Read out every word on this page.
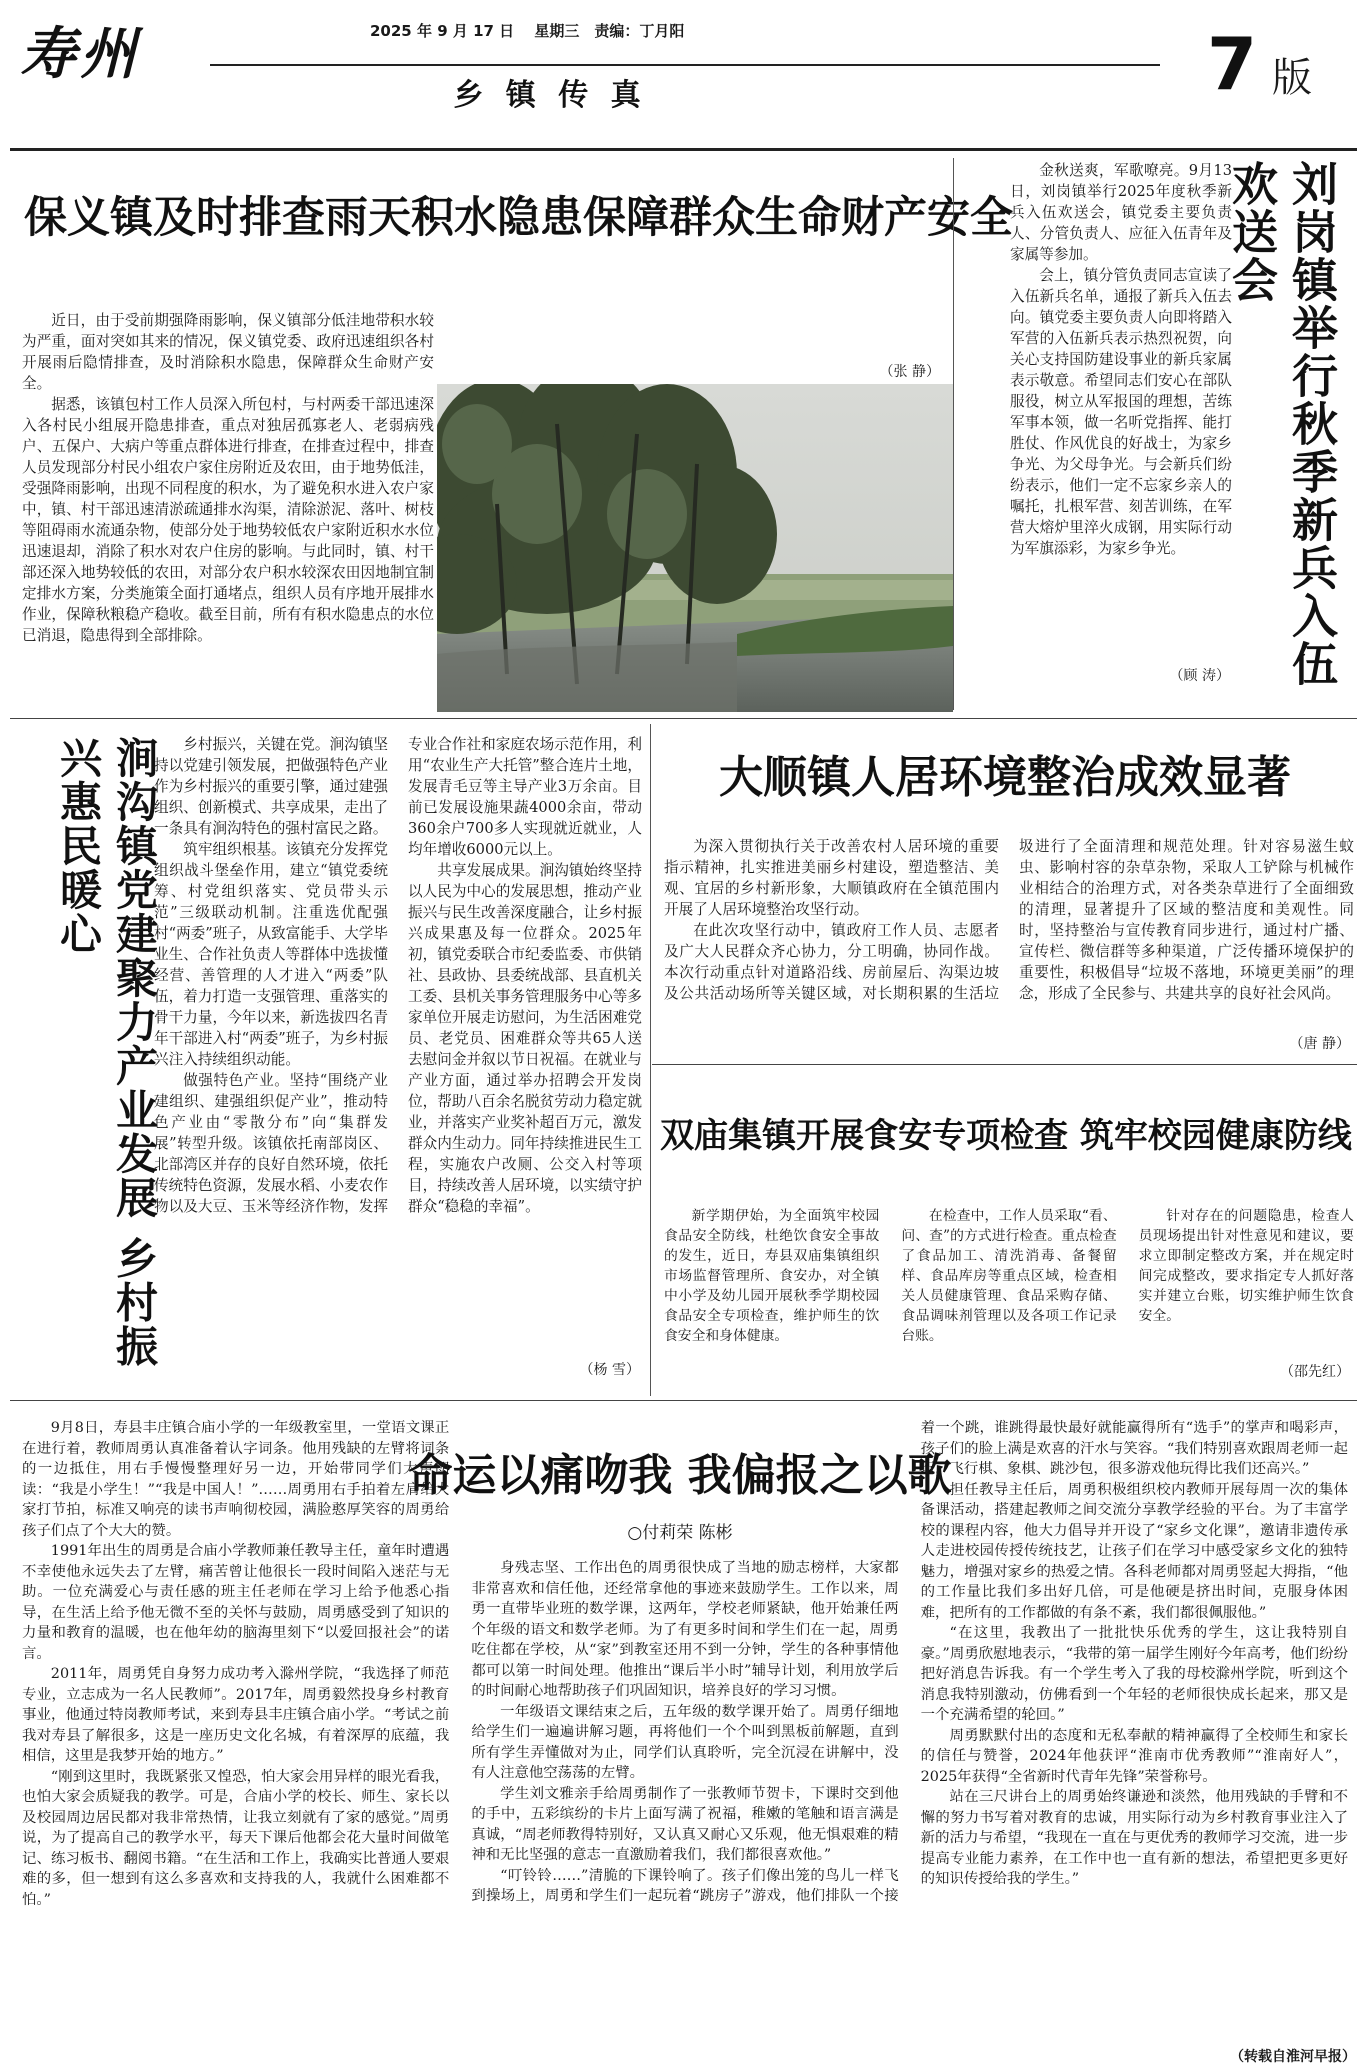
寿州	2025 年 9 月 17 日　 星期三　责编：丁月阳
乡 镇 传 真	7 版
保义镇及时排查雨天积水隐患保障群众生命财产安全

近日，由于受前期强降雨影响，保义镇部分低洼地带积水较为严重，面对突如其来的情况，保义镇党委、政府迅速组织各村开展雨后隐情排查，及时消除积水隐患，保障群众生命财产安全。

据悉，该镇包村工作人员深入所包村，与村两委干部迅速深入各村民小组展开隐患排查，重点对独居孤寡老人、老弱病残户、五保户、大病户等重点群体进行排查，在排查过程中，排查人员发现部分村民小组农户家住房附近及农田，由于地势低洼，受强降雨影响，出现不同程度的积水，为了避免积水进入农户家中，镇、村干部迅速清淤疏通排水沟渠，清除淤泥、落叶、树枝等阻碍雨水流通杂物，使部分处于地势较低农户家附近积水水位迅速退却，消除了积水对农户住房的影响。与此同时，镇、村干部还深入地势较低的农田，对部分农户积水较深农田因地制宜制定排水方案，分类施策全面打通堵点，组织人员有序地开展排水作业，保障秋粮稳产稳收。截至目前，所有有积水隐患点的水位已消退，隐患得到全部排除。

（张 静）	刘岗镇举行秋季新兵入伍欢送会

金秋送爽，军歌嘹亮。9月13日，刘岗镇举行2025年度秋季新兵入伍欢送会，镇党委主要负责人、分管负责人、应征入伍青年及家属等参加。

会上，镇分管负责同志宣读了入伍新兵名单，通报了新兵入伍去向。镇党委主要负责人向即将踏入军营的入伍新兵表示热烈祝贺，向关心支持国防建设事业的新兵家属表示敬意。希望同志们安心在部队服役，树立从军报国的理想，苦练军事本领，做一名听党指挥、能打胜仗、作风优良的好战士，为家乡争光、为父母争光。与会新兵们纷纷表示，他们一定不忘家乡亲人的嘱托，扎根军营、刻苦训练，在军营大熔炉里淬火成钢，用实际行动为军旗添彩，为家乡争光。

（顾 涛）
涧沟镇党建聚力产业发展 乡村振兴惠民暖心	乡村振兴，关键在党。涧沟镇坚持以党建引领发展，把做强特色产业作为乡村振兴的重要引擎，通过建强组织、创新模式、共享成果，走出了一条具有涧沟特色的强村富民之路。

筑牢组织根基。该镇充分发挥党组织战斗堡垒作用，建立“镇党委统筹、村党组织落实、党员带头示范”三级联动机制。注重选优配强村“两委”班子，从致富能手、大学毕业生、合作社负责人等群体中选拔懂经营、善管理的人才进入“两委”队伍，着力打造一支强管理、重落实的骨干力量，今年以来，新选拔四名青年干部进入村“两委”班子，为乡村振兴注入持续组织动能。

做强特色产业。坚持“围绕产业建组织、建强组织促产业”，推动特色产业由“零散分布”向“集群发展”转型升级。该镇依托南部岗区、北部湾区并存的良好自然环境，依托传统特色资源，发展水稻、小麦农作物以及大豆、玉米等经济作物，发挥专业合作社和家庭农场示范作用，利用“农业生产大托管”整合连片土地，发展青毛豆等主导产业3万余亩。目前已发展设施果蔬4000余亩，带动360余户700多人实现就近就业，人均年增收6000元以上。

共享发展成果。涧沟镇始终坚持以人民为中心的发展思想，推动产业振兴与民生改善深度融合，让乡村振兴成果惠及每一位群众。2025年初，镇党委联合市纪委监委、市供销社、县政协、县委统战部、县直机关工委、县机关事务管理服务中心等多家单位开展走访慰问，为生活困难党员、老党员、困难群众等共65人送去慰问金并叙以节日祝福。在就业与产业方面，通过举办招聘会开发岗位，帮助八百余名脱贫劳动力稳定就业，并落实产业奖补超百万元，激发群众内生动力。同年持续推进民生工程，实施农户改厕、公交入村等项目，持续改善人居环境，以实绩守护群众“稳稳的幸福”。

（杨 雪）
大顺镇人居环境整治成效显著

为深入贯彻执行关于改善农村人居环境的重要指示精神，扎实推进美丽乡村建设，塑造整洁、美观、宜居的乡村新形象，大顺镇政府在全镇范围内开展了人居环境整治攻坚行动。

在此次攻坚行动中，镇政府工作人员、志愿者及广大人民群众齐心协力，分工明确，协同作战。本次行动重点针对道路沿线、房前屋后、沟渠边坡及公共活动场所等关键区域，对长期积累的生活垃圾进行了全面清理和规范处理。针对容易滋生蚊虫、影响村容的杂草杂物，采取人工铲除与机械作业相结合的治理方式，对各类杂草进行了全面细致的清理，显著提升了区域的整洁度和美观性。同时，坚持整治与宣传教育同步进行，通过村广播、宣传栏、微信群等多种渠道，广泛传播环境保护的重要性，积极倡导“垃圾不落地，环境更美丽”的理念，形成了全民参与、共建共享的良好社会风尚。

（唐 静）
双庙集镇开展食安专项检查 筑牢校园健康防线

新学期伊始，为全面筑牢校园食品安全防线，杜绝饮食安全事故的发生，近日，寿县双庙集镇组织市场监督管理所、食安办，对全镇中小学及幼儿园开展秋季学期校园食品安全专项检查，维护师生的饮食安全和身体健康。

在检查中，工作人员采取“看、问、查”的方式进行检查。重点检查了食品加工、清洗消毒、备餐留样、食品库房等重点区域，检查相关人员健康管理、食品采购存储、食品调味剂管理以及各项工作记录台账。

针对存在的问题隐患，检查人员现场提出针对性意见和建议，要求立即制定整改方案，并在规定时间完成整改，要求指定专人抓好落实并建立台账，切实维护师生饮食安全。

（邵先红）
命运以痛吻我 我偏报之以歌
○付莉荣 陈彬

9月8日，寿县丰庄镇合庙小学的一年级教室里，一堂语文课正在进行着，教师周勇认真准备着认字词条。他用残缺的左臂将词条的一边抵住，用右手慢慢整理好另一边，开始带同学们大声朗读：“我是小学生！”“我是中国人！”……周勇用右手拍着左肩给大家打节拍，标准又响亮的读书声响彻校园，满脸憨厚笑容的周勇给孩子们点了个大大的赞。

1991年出生的周勇是合庙小学教师兼任教导主任，童年时遭遇不幸使他永远失去了左臂，痛苦曾让他很长一段时间陷入迷茫与无助。一位充满爱心与责任感的班主任老师在学习上给予他悉心指导，在生活上给予他无微不至的关怀与鼓励，周勇感受到了知识的力量和教育的温暖，也在他年幼的脑海里刻下“以爱回报社会”的诺言。

2011年，周勇凭自身努力成功考入滁州学院，“我选择了师范专业，立志成为一名人民教师”。2017年，周勇毅然投身乡村教育事业，他通过特岗教师考试，来到寿县丰庄镇合庙小学。“考试之前我对寿县了解很多，这是一座历史文化名城，有着深厚的底蕴，我相信，这里是我梦开始的地方。”

“刚到这里时，我既紧张又惶恐，怕大家会用异样的眼光看我，也怕大家会质疑我的教学。可是，合庙小学的校长、师生、家长以及校园周边居民都对我非常热情，让我立刻就有了家的感觉。”周勇说，为了提高自己的教学水平，每天下课后他都会花大量时间做笔记、练习板书、翻阅书籍。“在生活和工作上，我确实比普通人要艰难的多，但一想到有这么多喜欢和支持我的人，我就什么困难都不怕。”

身残志坚、工作出色的周勇很快成了当地的励志榜样，大家都非常喜欢和信任他，还经常拿他的事迹来鼓励学生。工作以来，周勇一直带毕业班的数学课，这两年，学校老师紧缺，他开始兼任两个年级的语文和数学老师。为了有更多时间和学生们在一起，周勇吃住都在学校，从“家”到教室还用不到一分钟，学生的各种事情他都可以第一时间处理。他推出“课后半小时”辅导计划，利用放学后的时间耐心地帮助孩子们巩固知识，培养良好的学习习惯。

一年级语文课结束之后，五年级的数学课开始了。周勇仔细地给学生们一遍遍讲解习题，再将他们一个个叫到黑板前解题，直到所有学生弄懂做对为止，同学们认真聆听，完全沉浸在讲解中，没有人注意他空荡荡的左臂。

学生刘文雅亲手给周勇制作了一张教师节贺卡，下课时交到他的手中，五彩缤纷的卡片上面写满了祝福，稚嫩的笔触和语言满是真诚，“周老师教得特别好，又认真又耐心又乐观，他无惧艰难的精神和无比坚强的意志一直激励着我们，我们都很喜欢他。”

“叮铃铃……”清脆的下课铃响了。孩子们像出笼的鸟儿一样飞到操场上，周勇和学生们一起玩着“跳房子”游戏，他们排队一个接着一个跳，谁跳得最快最好就能赢得所有“选手”的掌声和喝彩声，孩子们的脸上满是欢喜的汗水与笑容。“我们特别喜欢跟周老师一起玩，飞行棋、象棋、跳沙包，很多游戏他玩得比我们还高兴。”

担任教导主任后，周勇积极组织校内教师开展每周一次的集体备课活动，搭建起教师之间交流分享教学经验的平台。为了丰富学校的课程内容，他大力倡导并开设了“家乡文化课”，邀请非遗传承人走进校园传授传统技艺，让孩子们在学习中感受家乡文化的独特魅力，增强对家乡的热爱之情。各科老师都对周勇竖起大拇指，“他的工作量比我们多出好几倍，可是他硬是挤出时间，克服身体困难，把所有的工作都做的有条不紊，我们都很佩服他。”

“在这里，我教出了一批批快乐优秀的学生，这让我特别自豪。”周勇欣慰地表示，“我带的第一届学生刚好今年高考，他们纷纷把好消息告诉我。有一个学生考入了我的母校滁州学院，听到这个消息我特别激动，仿佛看到一个年轻的老师很快成长起来，那又是一个充满希望的轮回。”

周勇默默付出的态度和无私奉献的精神赢得了全校师生和家长的信任与赞誉，2024年他获评“淮南市优秀教师”“淮南好人”，2025年获得“全省新时代青年先锋”荣誉称号。

站在三尺讲台上的周勇始终谦逊和淡然，他用残缺的手臂和不懈的努力书写着对教育的忠诚，用实际行动为乡村教育事业注入了新的活力与希望，“我现在一直在与更优秀的教师学习交流，进一步提高专业能力素养，在工作中也一直有新的想法，希望把更多更好的知识传授给我的学生。”

（转载自淮河早报）
